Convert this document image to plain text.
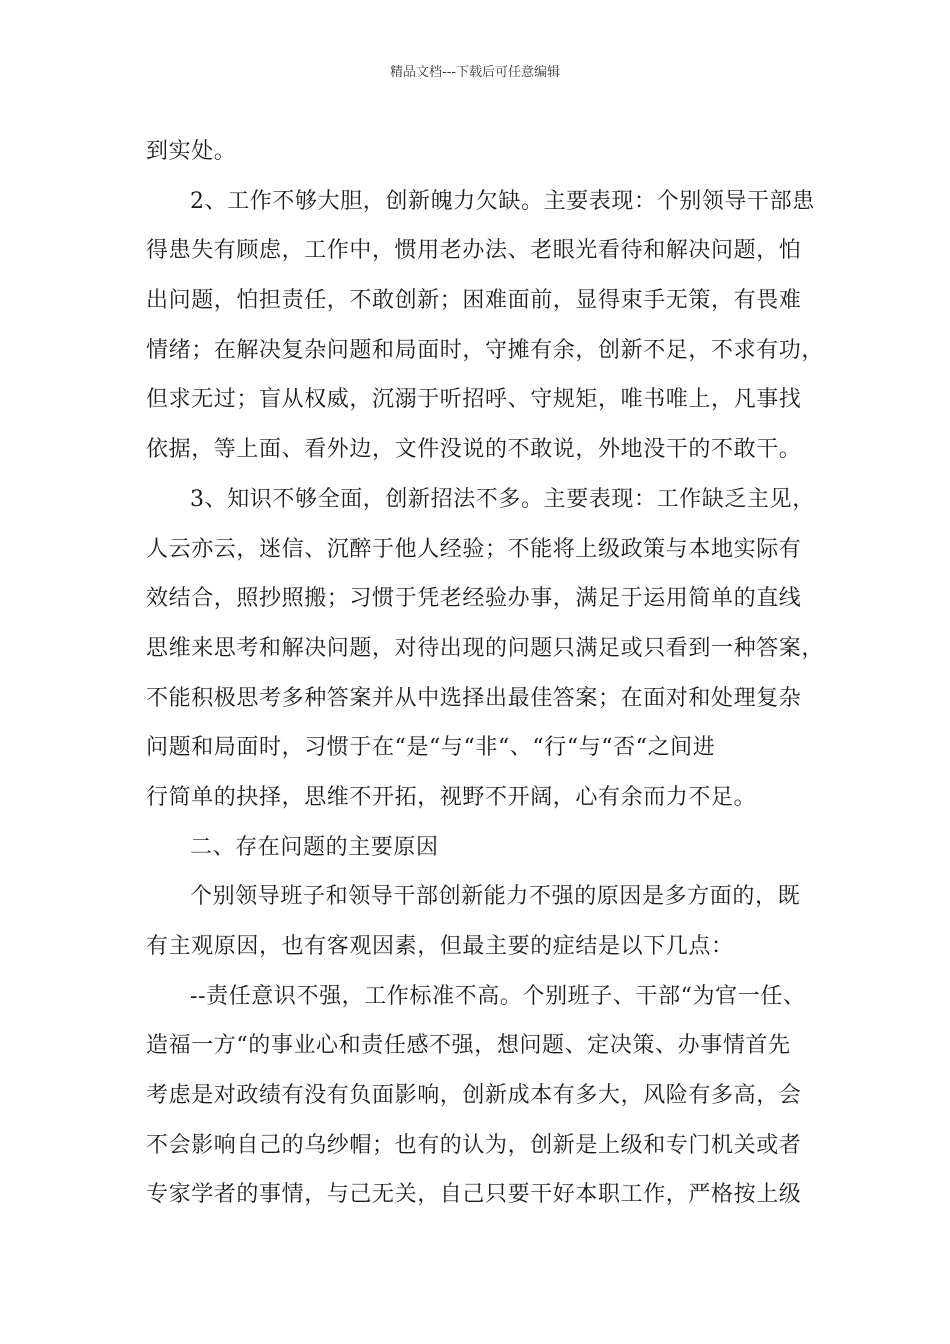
精品文档---下载后可任意编辑
到实处。
2、工作不够大胆，创新魄力欠缺。主要表现：个别领导干部患
得患失有顾虑，工作中，惯用老办法、老眼光看待和解决问题，怕
出问题，怕担责任，不敢创新；困难面前，显得束手无策，有畏难
情绪；在解决复杂问题和局面时，守摊有余，创新不足，不求有功，
但求无过；盲从权威，沉溺于听招呼、守规矩，唯书唯上，凡事找
依据，等上面、看外边，文件没说的不敢说，外地没干的不敢干。
3、知识不够全面，创新招法不多。主要表现：工作缺乏主见，
人云亦云，迷信、沉醉于他人经验；不能将上级政策与本地实际有
效结合，照抄照搬；习惯于凭老经验办事，满足于运用简单的直线
思维来思考和解决问题，对待出现的问题只满足或只看到一种答案，
不能积极思考多种答案并从中选择出最佳答案；在面对和处理复杂
问题和局面时，习惯于在“是“与“非“、“行“与“否“之间进
行简单的抉择，思维不开拓，视野不开阔，心有余而力不足。
二、存在问题的主要原因
个别领导班子和领导干部创新能力不强的原因是多方面的，既
有主观原因，也有客观因素，但最主要的症结是以下几点：
--责任意识不强，工作标准不高。个别班子、干部“为官一任、
造福一方“的事业心和责任感不强，想问题、定决策、办事情首先
考虑是对政绩有没有负面影响，创新成本有多大，风险有多高，会
不会影响自己的乌纱帽；也有的认为，创新是上级和专门机关或者
专家学者的事情，与己无关，自己只要干好本职工作，严格按上级
